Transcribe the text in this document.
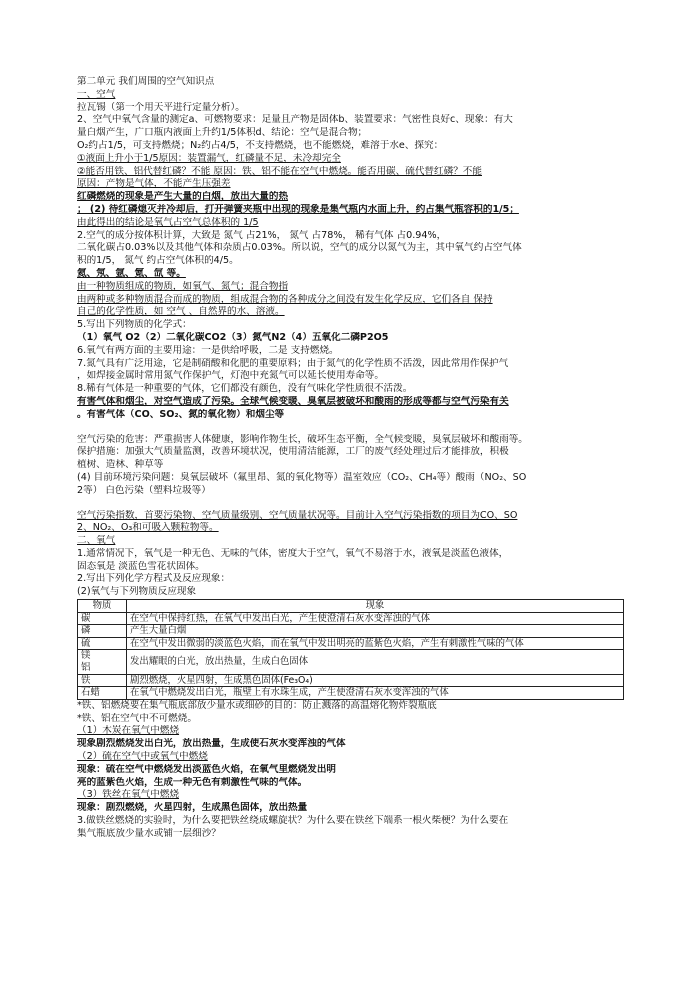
第二单元 我们周围的空气知识点
一、空气
拉瓦锡（第一个用天平进行定量分析）。
2、空气中氧气含量的测定a、可燃物要求：足量且产物是固体b、装置要求：气密性良好c、现象：有大
量白烟产生，广口瓶内液面上升约1/5体积d、结论：空气是混合物；
O₂约占1/5，可支持燃烧；N₂约占4/5，不支持燃烧，也不能燃烧，难溶于水e、探究：
①液面上升小于1/5原因：装置漏气，红磷量不足，未冷却完全
②能否用铁、铝代替红磷？不能 原因：铁、铝不能在空气中燃烧。能否用碳、硫代替红磷？不能
原因：产物是气体，不能产生压强差
红磷燃烧的现象是产生大量的白烟，放出大量的热
； (2) 待红磷熄灭并冷却后，打开弹簧夹瓶中出现的现象是集气瓶内水面上升，约占集气瓶容积的1/5；
由此得出的结论是氧气占空气总体积的 1/5
2.空气的成分按体积计算，大致是 氮气 占21%， 氮气 占78%， 稀有气体 占0.94%，
二氧化碳占0.03%以及其他气体和杂质占0.03%。所以说，空气的成分以氮气为主，其中氧气约占空气体
积的1/5， 氮气 约占空气体积的4/5。
氦、氖、氩、氪、氙 等。
由一种物质组成的物质，如氧气、氮气；混合物指
由两种或多种物质混合而成的物质，组成混合物的各种成分之间没有发生化学反应，它们各自 保持
自己的化学性质，如 空气 、自然界的水、溶液。
5.写出下列物质的化学式：
（1）氧气 O2（2）二氧化碳CO2（3）氮气N2（4）五氧化二磷P2O5
6.氧气有两方面的主要用途：一是供给呼吸，二是 支持燃烧。
7.氮气具有广泛用途，它是制硝酸和化肥的重要原料；由于氮气的化学性质不活泼，因此常用作保护气
，如焊接金属时常用氮气作保护气，灯泡中充氮气可以延长使用寿命等。
8.稀有气体是一种重要的气体，它们都没有颜色，没有气味化学性质很不活泼。
有害气体和烟尘，对空气造成了污染。全球气候变暖、臭氧层被破坏和酸雨的形成等都与空气污染有关
。有害气体（CO、SO₂、氮的氧化物）和烟尘等
空气污染的危害：严重损害人体健康，影响作物生长，破坏生态平衡，全气候变暖，臭氧层破坏和酸雨等。
保护措施：加强大气质量监测，改善环境状况，使用清洁能源，工厂的废气经处理过后才能排放，积极
植树、造林、种草等
(4) 目前环境污染问题：臭氧层破坏（氟里昂、氮的氧化物等）温室效应（CO₂、CH₄等）酸雨（NO₂、SO
2等） 白色污染（塑料垃圾等）
空气污染指数，首要污染物、空气质量级别、空气质量状况等。目前计入空气污染指数的项目为CO、SO
2、NO₂、O₃和可吸入颗粒物等。
二、氧气
1.通常情况下，氧气是一种无色、无味的气体，密度大于空气，氧气不易溶于水，液氧是淡蓝色液体，
固态氧是 淡蓝色雪花状固体。
2.写出下列化学方程式及反应现象：
(2)氧气与下列物质反应现象
物质	现象
碳	在空气中保持红热，在氧气中发出白光，产生使澄清石灰水变浑浊的气体
磷	产生大量白烟
硫	在空气中发出微弱的淡蓝色火焰，而在氧气中发出明亮的蓝紫色火焰，产生有刺激性气味的气体
镁
铝	发出耀眼的白光，放出热量，生成白色固体
铁	剧烈燃烧，火星四射，生成黑色固体(Fe₃O₄)
石蜡	在氧气中燃烧发出白光，瓶壁上有水珠生成，产生使澄清石灰水变浑浊的气体
*铁、铝燃烧要在集气瓶底部放少量水或细砂的目的：防止溅落的高温熔化物炸裂瓶底
*铁、铝在空气中不可燃烧。
（1）木炭在氧气中燃烧
现象剧烈燃烧发出白光，放出热量，生成使石灰水变浑浊的气体
（2）硫在空气中或氧气中燃烧
现象：硫在空气中燃烧发出淡蓝色火焰，在氧气里燃烧发出明
亮的蓝紫色火焰，生成一种无色有刺激性气味的气体。
（3）铁丝在氧气中燃烧
现象：剧烈燃烧，火星四射，生成黑色固体，放出热量
3.做铁丝燃烧的实验时，为什么要把铁丝绕成螺旋状？为什么要在铁丝下端系一根火柴梗？为什么要在
集气瓶底放少量水或铺一层细沙？
